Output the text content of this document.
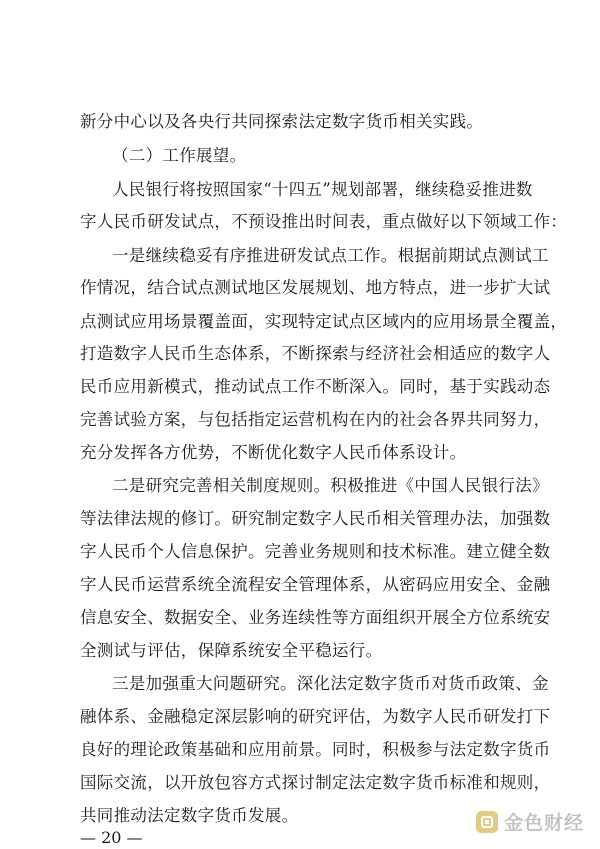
新分中心以及各央行共同探索法定数字货币相关实践。
（二）工作展望。
人民银行将按照国家“十四五”规划部署，继续稳妥推进数
字人民币研发试点，不预设推出时间表，重点做好以下领域工作：
一是继续稳妥有序推进研发试点工作。根据前期试点测试工
作情况，结合试点测试地区发展规划、地方特点，进一步扩大试
点测试应用场景覆盖面，实现特定试点区域内的应用场景全覆盖，
打造数字人民币生态体系，不断探索与经济社会相适应的数字人
民币应用新模式，推动试点工作不断深入。同时，基于实践动态
完善试验方案，与包括指定运营机构在内的社会各界共同努力，
充分发挥各方优势，不断优化数字人民币体系设计。
二是研究完善相关制度规则。积极推进《中国人民银行法》
等法律法规的修订。研究制定数字人民币相关管理办法，加强数
字人民币个人信息保护。完善业务规则和技术标准。建立健全数
字人民币运营系统全流程安全管理体系，从密码应用安全、金融
信息安全、数据安全、业务连续性等方面组织开展全方位系统安
全测试与评估，保障系统安全平稳运行。
三是加强重大问题研究。深化法定数字货币对货币政策、金
融体系、金融稳定深层影响的研究评估，为数字人民币研发打下
良好的理论政策基础和应用前景。同时，积极参与法定数字货币
国际交流，以开放包容方式探讨制定法定数字货币标准和规则，
共同推动法定数字货币发展。
— 20 —
金色财经
